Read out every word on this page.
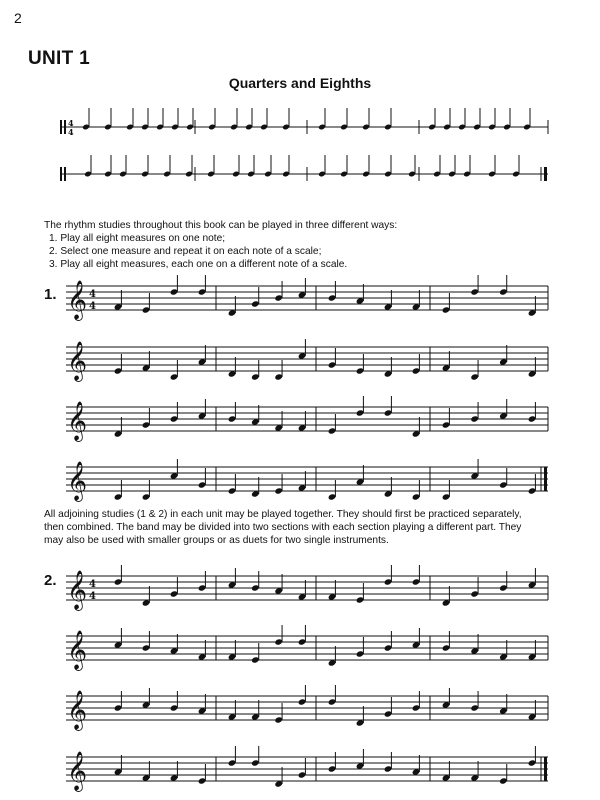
2
UNIT 1
Quarters and Eighths
4
4
𝄞 4
4
𝄞
𝄞
𝄞
𝄞 4
4
𝄞
𝄞
𝄞
The rhythm studies throughout this book can be played in three different ways:
1. Play all eight measures on one note;
2. Select one measure and repeat it on each note of a scale;
3. Play all eight measures, each one on a different note of a scale.
1.
All adjoining studies (1 & 2) in each unit may be played together. They should first be practiced separately,
then combined. The band may be divided into two sections with each section playing a different part. They
may also be used with smaller groups or as duets for two single instruments.
2.
